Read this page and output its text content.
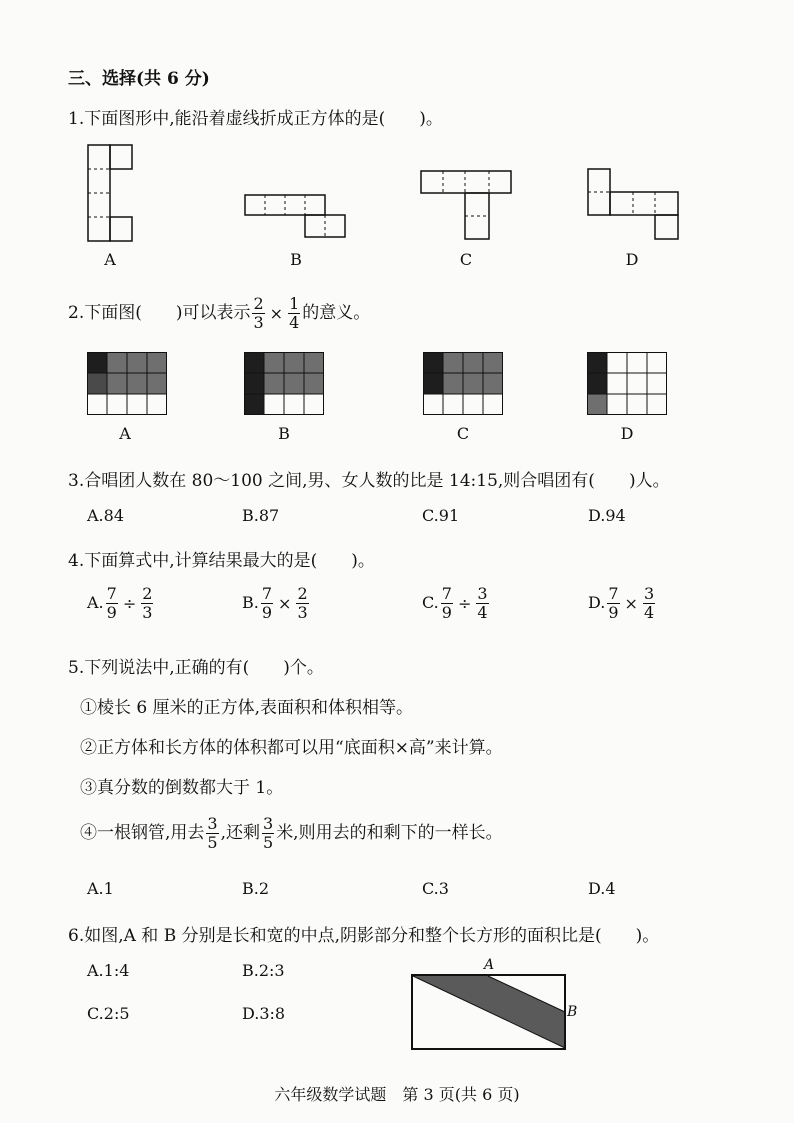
三、选择(共 6 分)
1.下面图形中,能沿着虚线折成正方体的是(　　)。
A	B	C	D
2.下面图(　　)可以表示 $\frac{2}{3} \times \frac{1}{4}$ 的意义。
A	B	C	D
3.合唱团人数在 80～100 之间,男、女人数的比是 14:15,则合唱团有(　　)人。
A.84	B.87	C.91	D.94
4.下面算式中,计算结果最大的是(　　)。
A. $\frac{7}{9} \div \frac{2}{3}$	B. $\frac{7}{9} \times \frac{2}{3}$	C. $\frac{7}{9} \div \frac{3}{4}$	D. $\frac{7}{9} \times \frac{3}{4}$
5.下列说法中,正确的有(　　)个。
①棱长 6 厘米的正方体,表面积和体积相等。
②正方体和长方体的体积都可以用“底面积×高”来计算。
③真分数的倒数都大于 1。
④一根钢管,用去 $\frac{3}{5}$ ,还剩 $\frac{3}{5}$ 米,则用去的和剩下的一样长。
A.1	B.2	C.3	D.4
6.如图,A 和 B 分别是长和宽的中点,阴影部分和整个长方形的面积比是(　　)。
A.1:4	B.2:3
C.2:5	D.3:8
A
B
六年级数学试题　第 3 页(共 6 页)
